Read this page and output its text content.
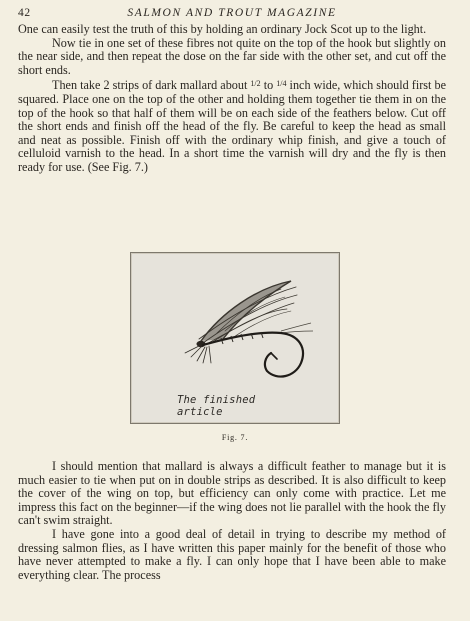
42	SALMON AND TROUT MAGAZINE

One can easily test the truth of this by holding an ordinary Jock Scot up to the light.

Now tie in one set of these fibres not quite on the top of the hook but slightly on the near side, and then repeat the dose on the far side with the other set, and cut off the short ends.

Then take 2 strips of dark mallard about $^{1/2}$ to $^{1/4}$ inch wide, which should first be squared. Place one on the top of the other and holding them together tie them in on the top of the hook so that half of them will be on each side of the feathers below. Cut off the short ends and finish off the head of the fly. Be careful to keep the head as small and neat as possible. Finish off with the ordinary whip finish, and give a touch of celluloid varnish to the head. In a short time the varnish will dry and the fly is then ready for use. (See Fig. 7.)

The finished article
Fig. 7.

I should mention that mallard is always a difficult feather to manage but it is much easier to tie when put on in double strips as described. It is also difficult to keep the cover of the wing on top, but efficiency can only come with practice. Let me impress this fact on the beginner—if the wing does not lie parallel with the hook the fly can't swim straight.

I have gone into a good deal of detail in trying to describe my method of dressing salmon flies, as I have written this paper mainly for the benefit of those who have never attempted to make a fly. I can only hope that I have been able to make everything clear. The process
